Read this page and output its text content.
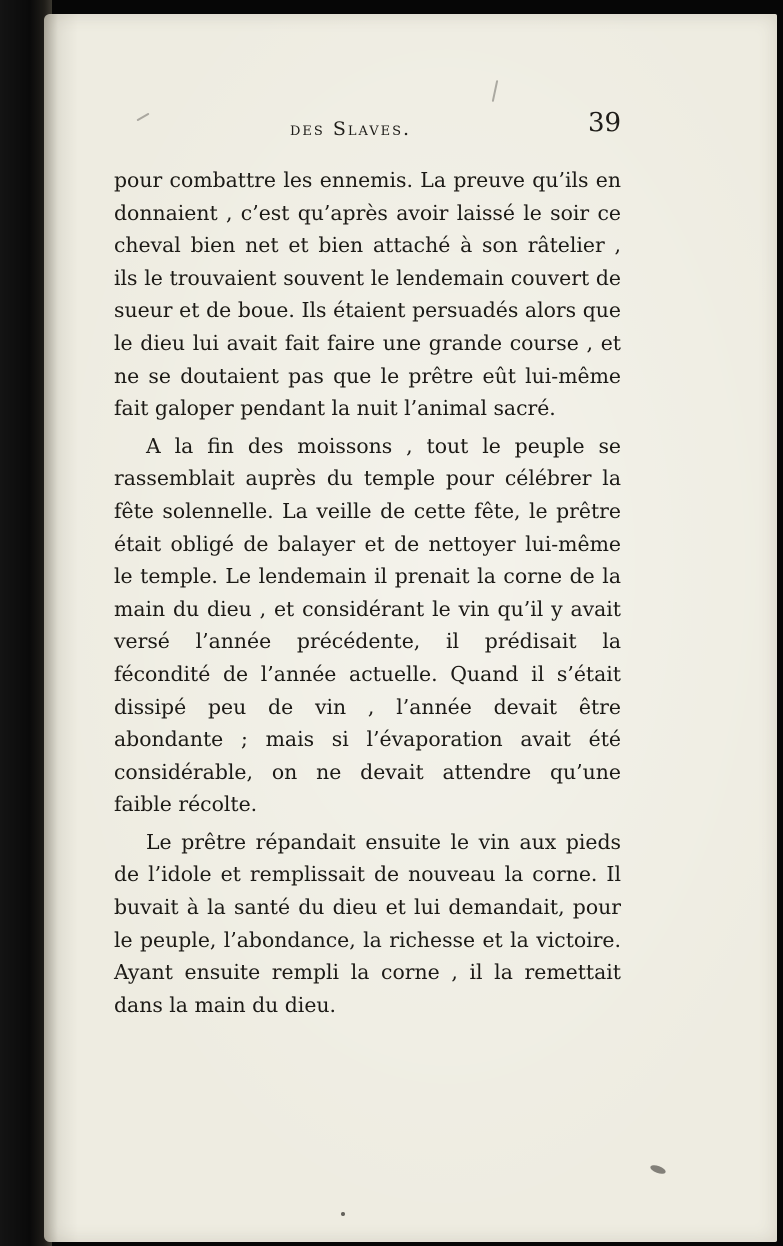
des Slaves.	39

pour combattre les ennemis. La preuve qu’ils en donnaient , c’est qu’après avoir laissé le soir ce cheval bien net et bien attaché à son râtelier , ils le trouvaient souvent le lendemain couvert de sueur et de boue. Ils étaient persuadés alors que le dieu lui avait fait faire une grande course , et ne se doutaient pas que le prêtre eût lui-même fait galoper pendant la nuit l’animal sacré.

A la fin des moissons , tout le peuple se rassemblait auprès du temple pour célébrer la fête solennelle. La veille de cette fête, le prêtre était obligé de balayer et de nettoyer lui-même le temple. Le lendemain il prenait la corne de la main du dieu , et considérant le vin qu’il y avait versé l’année précédente, il prédisait la fécondité de l’année actuelle. Quand il s’était dissipé peu de vin , l’année devait être abondante ; mais si l’évaporation avait été considérable, on ne devait attendre qu’une faible récolte.

Le prêtre répandait ensuite le vin aux pieds de l’idole et remplissait de nouveau la corne. Il buvait à la santé du dieu et lui demandait, pour le peuple, l’abondance, la richesse et la victoire. Ayant ensuite rempli la corne , il la remettait dans la main du dieu.
